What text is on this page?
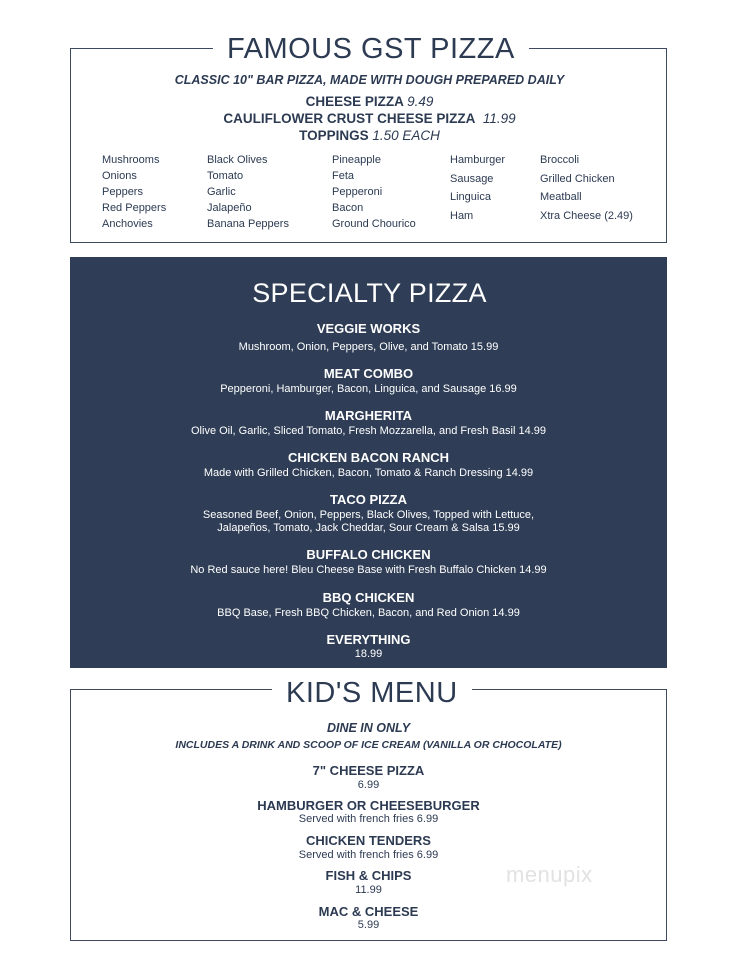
FAMOUS GST PIZZA
CLASSIC 10" BAR PIZZA, MADE WITH DOUGH PREPARED DAILY
CHEESE PIZZA 9.49
CAULIFLOWER CRUST CHEESE PIZZA 11.99
TOPPINGS 1.50 EACH
Mushrooms
Onions
Peppers
Red Peppers
Anchovies
Black Olives
Tomato
Garlic
Jalapeño
Banana Peppers
Pineapple
Feta
Pepperoni
Bacon
Ground Chourico
Hamburger
Sausage
Linguica
Ham
Broccoli
Grilled Chicken
Meatball
Xtra Cheese (2.49)
SPECIALTY PIZZA
VEGGIE WORKS
Mushroom, Onion, Peppers, Olive, and Tomato 15.99
MEAT COMBO
Pepperoni, Hamburger, Bacon, Linguica, and Sausage 16.99
MARGHERITA
Olive Oil, Garlic, Sliced Tomato, Fresh Mozzarella, and Fresh Basil 14.99
CHICKEN BACON RANCH
Made with Grilled Chicken, Bacon, Tomato & Ranch Dressing 14.99
TACO PIZZA
Seasoned Beef, Onion, Peppers, Black Olives, Topped with Lettuce,
Jalapeños, Tomato, Jack Cheddar, Sour Cream & Salsa 15.99
BUFFALO CHICKEN
No Red sauce here! Bleu Cheese Base with Fresh Buffalo Chicken 14.99
BBQ CHICKEN
BBQ Base, Fresh BBQ Chicken, Bacon, and Red Onion 14.99
EVERYTHING
18.99
KID'S MENU
DINE IN ONLY
INCLUDES A DRINK AND SCOOP OF ICE CREAM (VANILLA OR CHOCOLATE)
7" CHEESE PIZZA
6.99
HAMBURGER OR CHEESEBURGER
Served with french fries 6.99
CHICKEN TENDERS
Served with french fries 6.99
FISH & CHIPS
11.99
MAC & CHEESE
5.99
menupix
